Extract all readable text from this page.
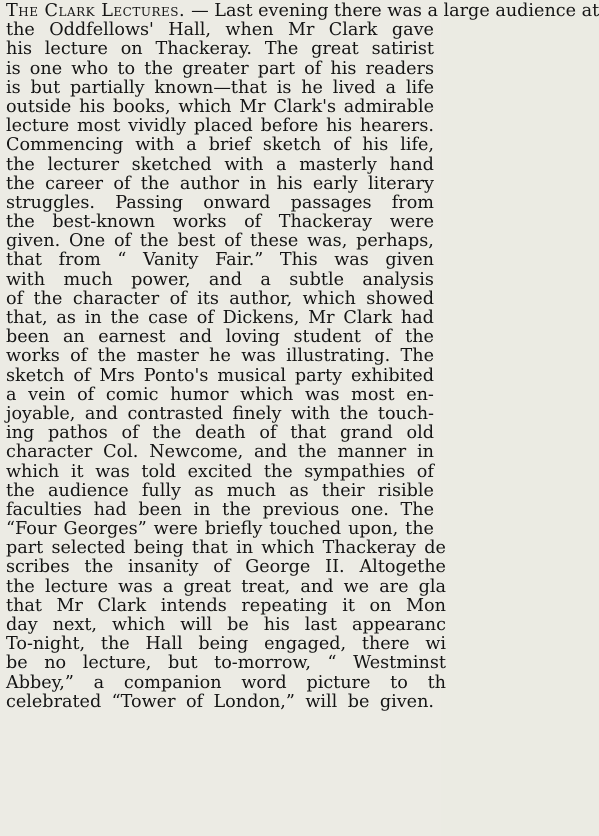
The Clark Lectures. — Last evening there was a large audience at
the Oddfellows' Hall, when Mr Clark gave
his lecture on Thackeray. The great satirist
is one who to the greater part of his readers
is but partially known—that is he lived a life
outside his books, which Mr Clark's admirable
lecture most vividly placed before his hearers.
Commencing with a brief sketch of his life,
the lecturer sketched with a masterly hand
the career of the author in his early literary
struggles. Passing onward passages from
the best-known works of Thackeray were
given. One of the best of these was, perhaps,
that from “ Vanity Fair.” This was given
with much power, and a subtle analysis
of the character of its author, which showed
that, as in the case of Dickens, Mr Clark had
been an earnest and loving student of the
works of the master he was illustrating. The
sketch of Mrs Ponto's musical party exhibited
a vein of comic humor which was most en-
joyable, and contrasted finely with the touch-
ing pathos of the death of that grand old
character Col. Newcome, and the manner in
which it was told excited the sympathies of
the audience fully as much as their risible
faculties had been in the previous one. The
“Four Georges” were briefly touched upon, the
part selected being that in which Thackeray de
scribes the insanity of George II. Altogethe
the lecture was a great treat, and we are gla
that Mr Clark intends repeating it on Mon
day next, which will be his last appearanc
To-night, the Hall being engaged, there wi
be no lecture, but to-morrow, “ Westminst
Abbey,” a companion word picture to th
celebrated “Tower of London,” will be given.
